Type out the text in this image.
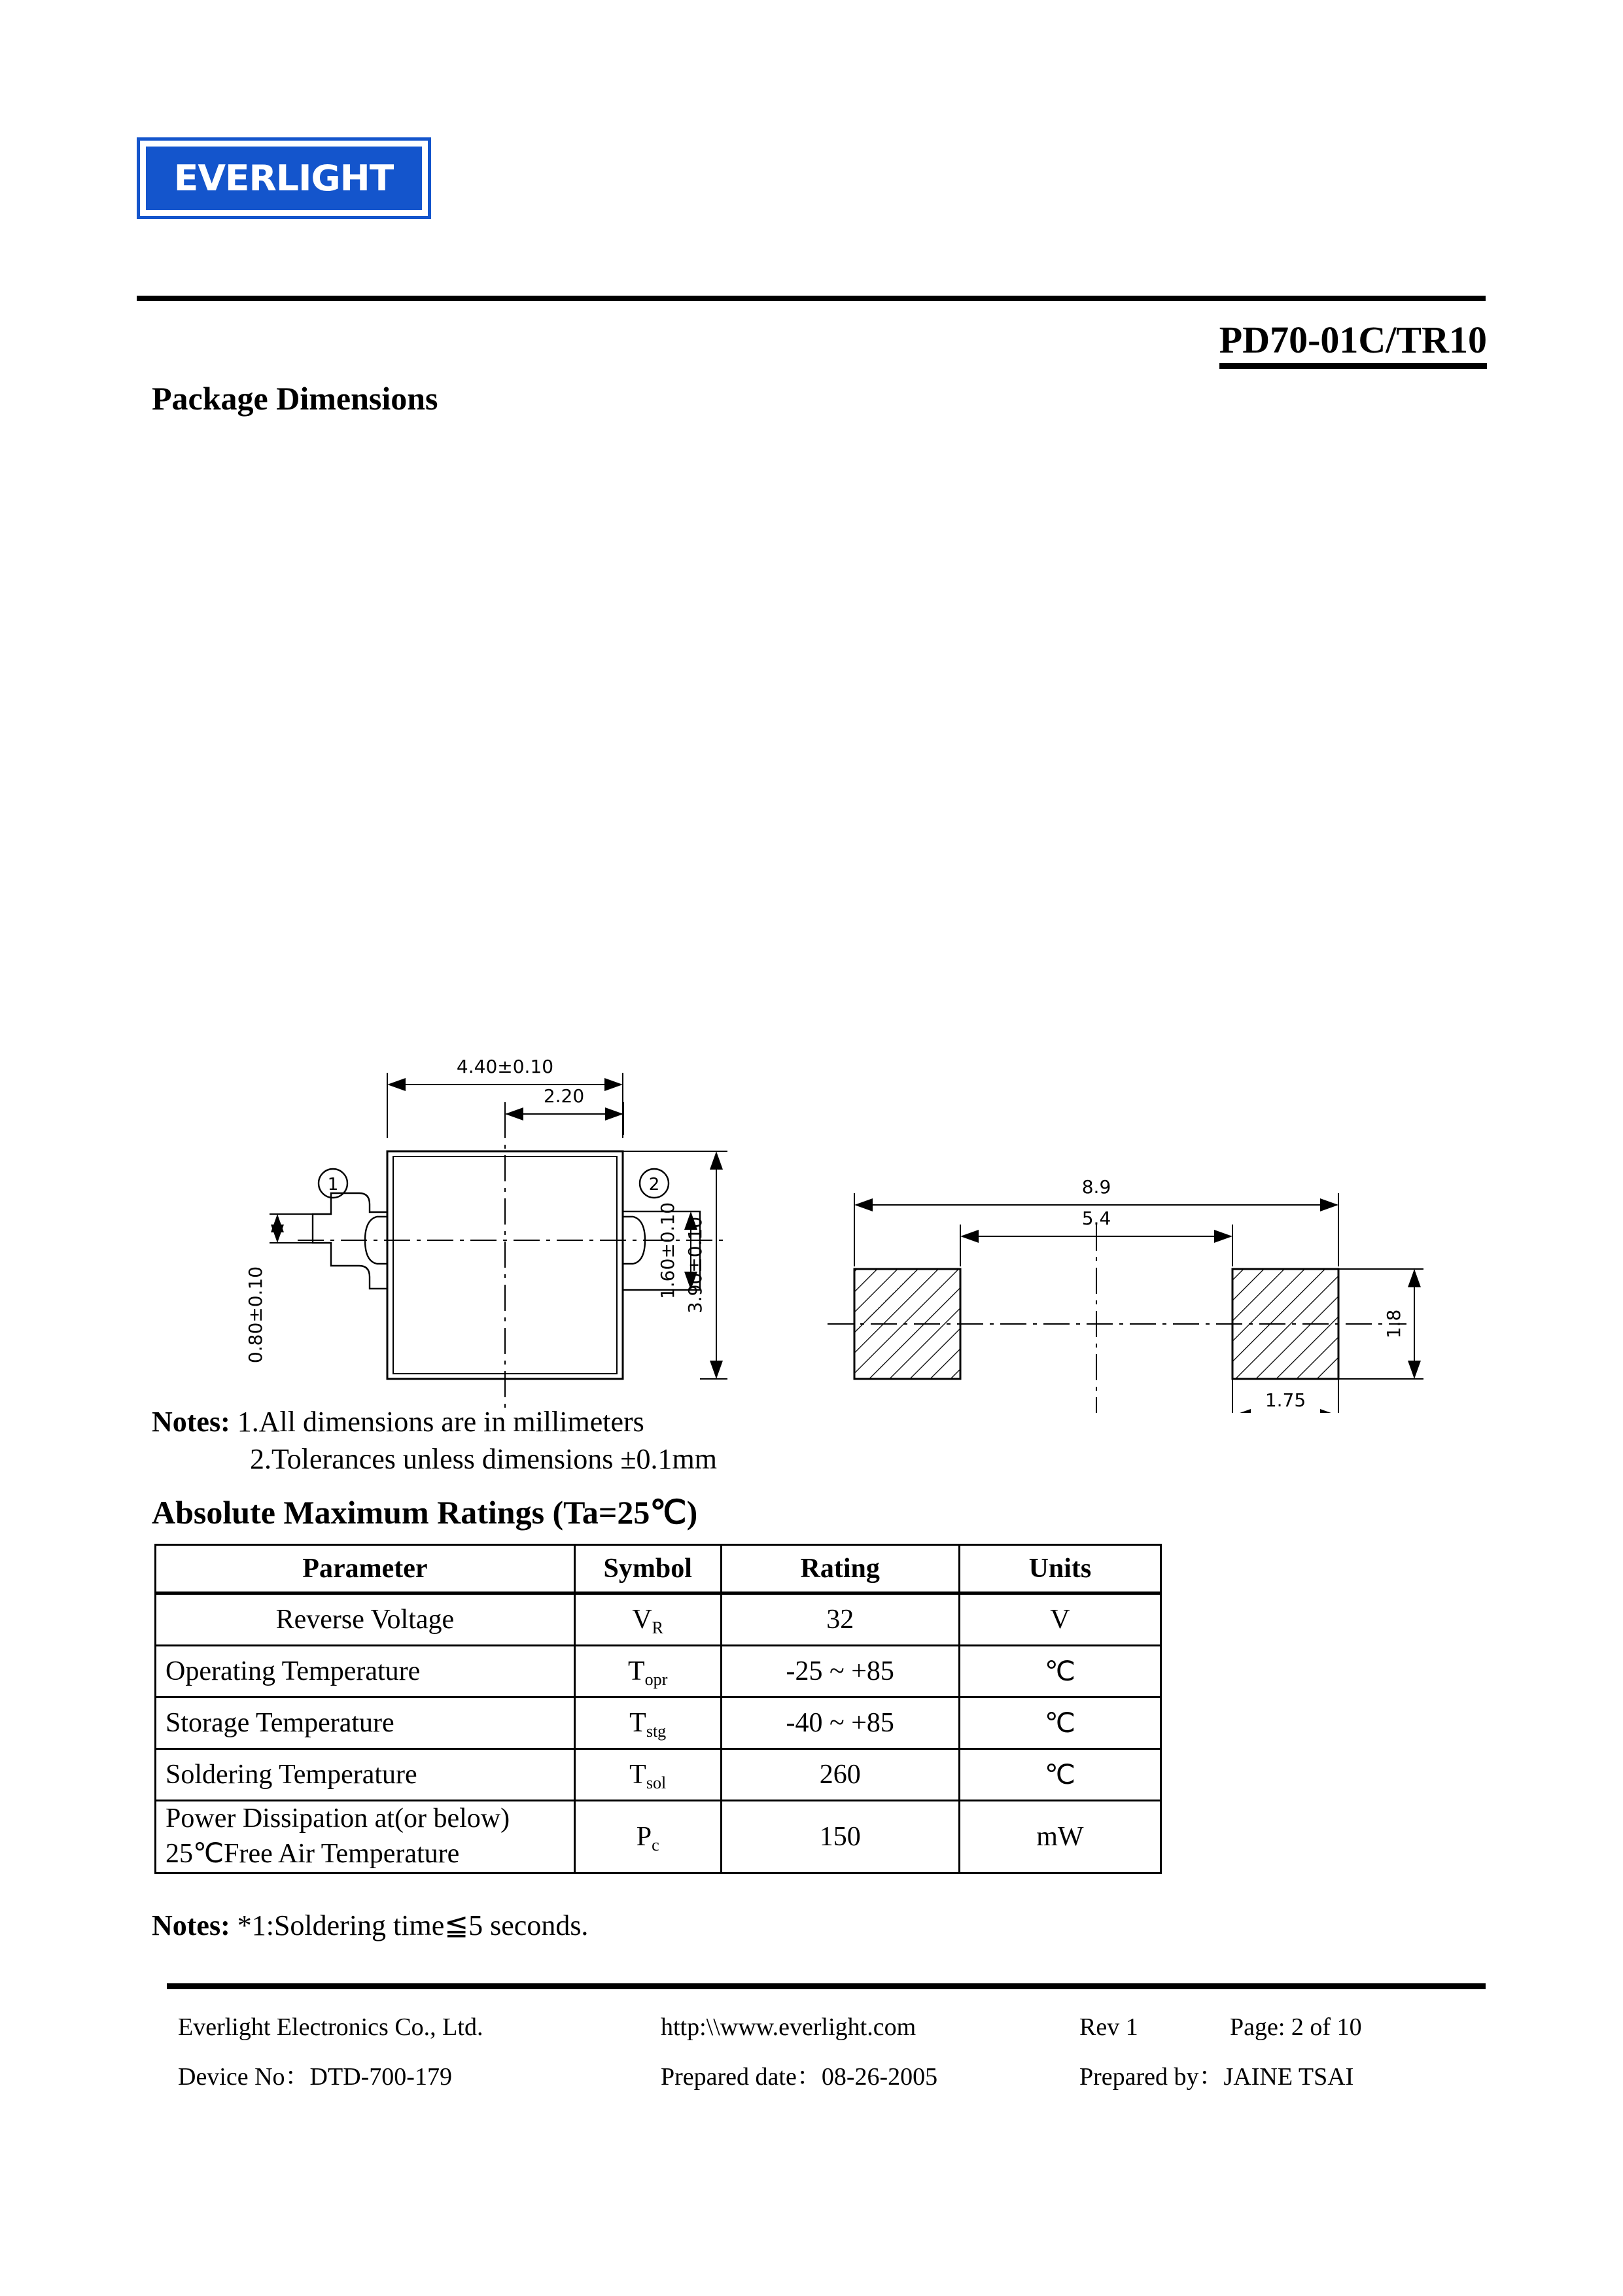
EVERLIGHT
PD70-01C/TR10
Package Dimensions
4.40±0.10
2.20
3.90±0.10
1.60±0.10
0.80±0.10
1	2	8.9
5.4
1.8
1.75
Notes: 1.All dimensions are in millimeters
2.Tolerances unless dimensions ±0.1mm
Absolute Maximum Ratings (Ta=25℃)
Parameter	Symbol	Rating	Units
Reverse Voltage	$V_R$	32	V
Operating Temperature	$T_{opr}$	-25 ~ +85	℃
Storage Temperature	$T_{stg}$	-40 ~ +85	℃
Soldering Temperature	$T_{sol}$	260	℃

Power Dissipation at(or below)
25℃Free Air Temperature	$P_c$	150	mW
Notes: *1:Soldering time≦5 seconds.
Everlight Electronics Co., Ltd.	http:\\www.everlight.com	Rev 1	Page: 2 of 10
Device No：DTD-700-179	Prepared date：08-26-2005	Prepared by：JAINE TSAI
